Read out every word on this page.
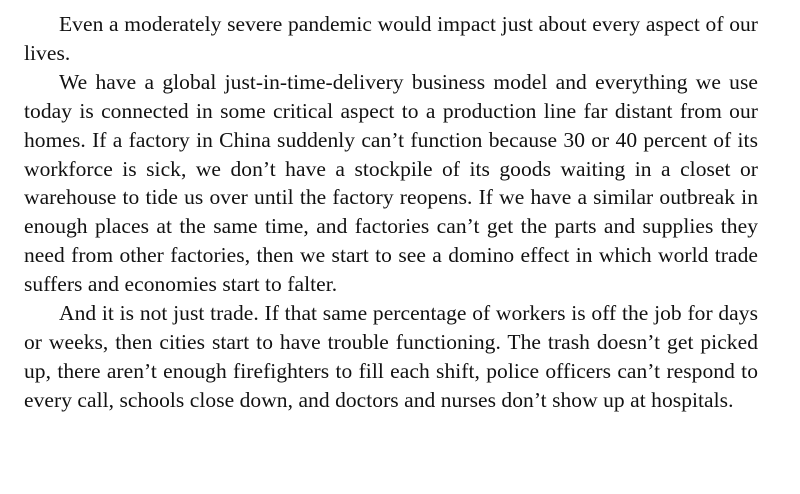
Even a moderately severe pandemic would impact just about every aspect of our lives.

We have a global just-in-time-delivery business model and everything we use today is connected in some critical aspect to a production line far distant from our homes. If a factory in China suddenly can’t function because 30 or 40 percent of its workforce is sick, we don’t have a stockpile of its goods waiting in a closet or warehouse to tide us over until the factory reopens. If we have a similar outbreak in enough places at the same time, and factories can’t get the parts and supplies they need from other factories, then we start to see a domino effect in which world trade suffers and economies start to falter.

And it is not just trade. If that same percentage of workers is off the job for days or weeks, then cities start to have trouble functioning. The trash doesn’t get picked up, there aren’t enough firefighters to fill each shift, police officers can’t respond to every call, schools close down, and doctors and nurses don’t show up at hospitals.
